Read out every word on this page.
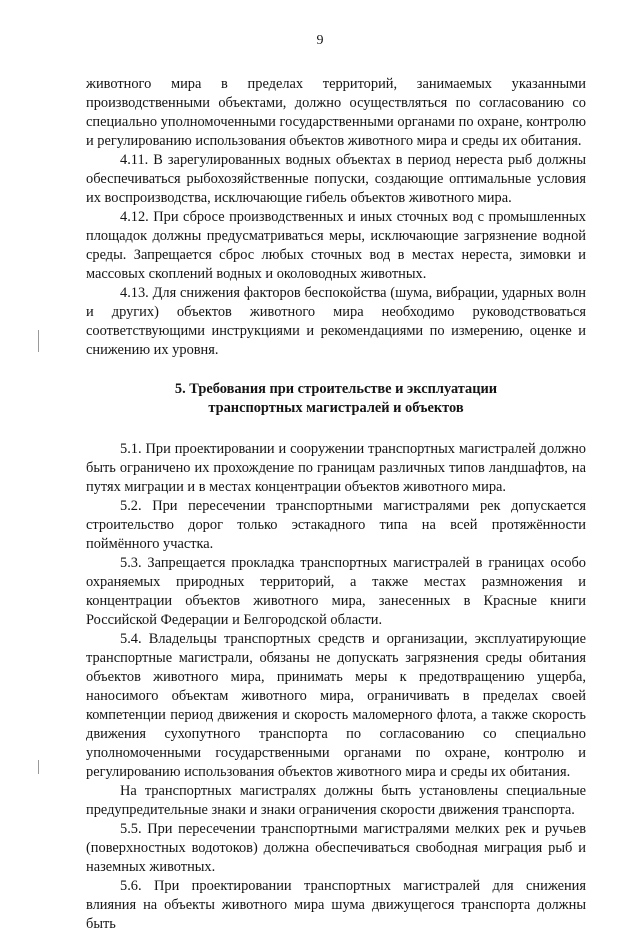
9

животного мира в пределах территорий, занимаемых указанными производственными объектами, должно осуществляться по согласованию со специально уполномоченными государственными органами по охране, контролю и регулированию использования объектов животного мира и среды их обитания.

4.11. В зарегулированных водных объектах в период нереста рыб должны обеспечиваться рыбохозяйственные попуски, создающие оптимальные условия их воспроизводства, исключающие гибель объектов животного мира.

4.12. При сбросе производственных и иных сточных вод с промышленных площадок должны предусматриваться меры, исключающие загрязнение водной среды. Запрещается сброс любых сточных вод в местах нереста, зимовки и массовых скоплений водных и околоводных животных.

4.13. Для снижения факторов беспокойства (шума, вибрации, ударных волн и других) объектов животного мира необходимо руководствоваться соответствующими инструкциями и рекомендациями по измерению, оценке и снижению их уровня.

5. Требования при строительстве и эксплуатации

транспортных магистралей и объектов

5.1. При проектировании и сооружении транспортных магистралей должно быть ограничено их прохождение по границам различных типов ландшафтов, на путях миграции и в местах концентрации объектов животного мира.

5.2. При пересечении транспортными магистралями рек допускается строительство дорог только эстакадного типа на всей протяжённости поймённого участка.

5.3. Запрещается прокладка транспортных магистралей в границах особо охраняемых природных территорий, а также местах размножения и концентрации объектов животного мира, занесенных в Красные книги Российской Федерации и Белгородской области.

5.4. Владельцы транспортных средств и организации, эксплуатирующие транспортные магистрали, обязаны не допускать загрязнения среды обитания объектов животного мира, принимать меры к предотвращению ущерба, наносимого объектам животного мира, ограничивать в пределах своей компетенции период движения и скорость маломерного флота, а также скорость движения сухопутного транспорта по согласованию со специально уполномоченными государственными органами по охране, контролю и регулированию использования объектов животного мира и среды их обитания.

На транспортных магистралях должны быть установлены специальные предупредительные знаки и знаки ограничения скорости движения транспорта.

5.5. При пересечении транспортными магистралями мелких рек и ручьев (поверхностных водотоков) должна обеспечиваться свободная миграция рыб и наземных животных.

5.6. При проектировании транспортных магистралей для снижения влияния на объекты животного мира шума движущегося транспорта должны быть
